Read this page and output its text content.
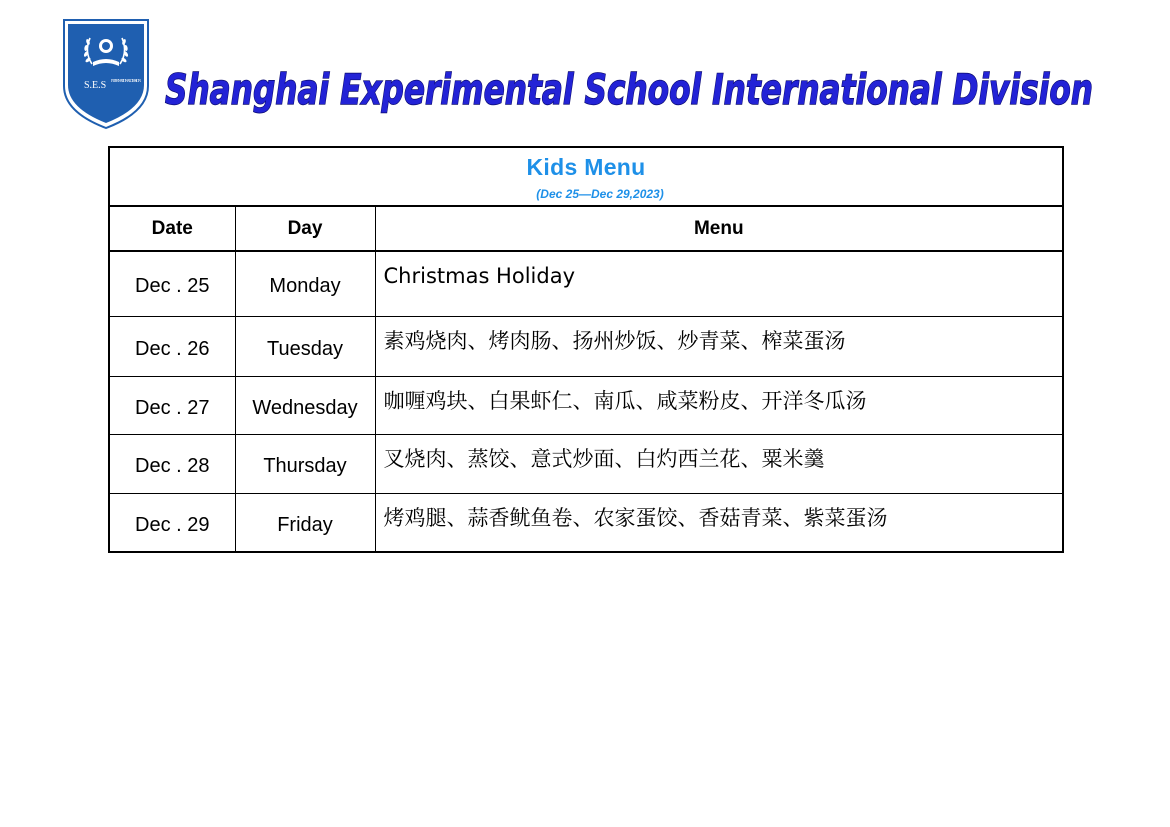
S.E.S INTERNATIONAL DIVISION Shanghai Experimental School International Division
Kids Menu
(Dec 25—Dec 29,2023)		

Date	Day	Menu
Dec . 25	Monday	Christmas Holiday
Dec . 26	Tuesday	素鸡烧肉、烤肉肠、扬州炒饭、炒青菜、榨菜蛋汤
Dec . 27	Wednesday	咖喱鸡块、白果虾仁、南瓜、咸菜粉皮、开洋冬瓜汤
Dec . 28	Thursday	叉烧肉、蒸饺、意式炒面、白灼西兰花、粟米羹
Dec . 29	Friday	烤鸡腿、蒜香鱿鱼卷、农家蛋饺、香菇青菜、紫菜蛋汤
